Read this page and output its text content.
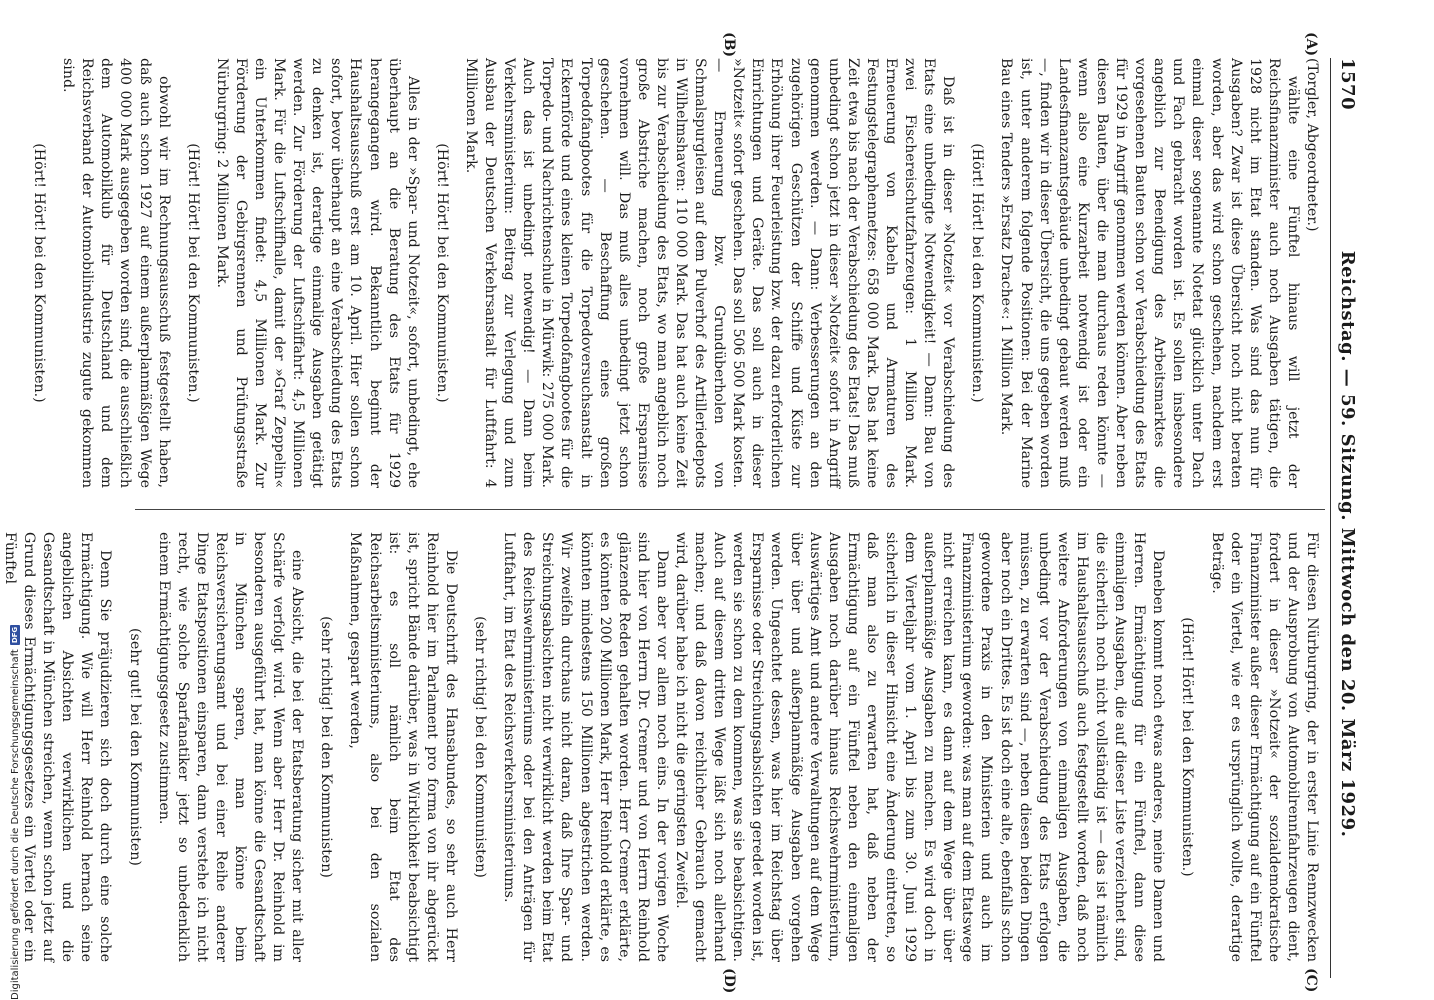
1570
Reichstag. — 59. Sitzung. Mittwoch den 20. März 1929.
(A)
(B)
(C)
(D)

(Torgler, Abgeordneter.)

wählte eine Fünftel hinaus will jetzt der Reichsfinanzminister auch noch Ausgaben tätigen, die 1928 nicht im Etat standen. Was sind das nun für Ausgaben? Zwar ist diese Übersicht noch nicht beraten worden, aber das wird schon geschehen, nachdem erst einmal dieser sogenannte Notetat glücklich unter Dach und Fach gebracht worden ist. Es sollen insbesondere angeblich zur Beendigung des Arbeitsmarktes die vorgesehenen Bauten schon vor Verabschiedung des Etats für 1929 in Angriff genommen werden können. Aber neben diesen Bauten, über die man durchaus reden könnte — wenn also eine Kurzarbeit notwendig ist oder ein Landesfinanzamtsgebäude unbedingt gebaut werden muß —, finden wir in dieser Übersicht, die uns gegeben worden ist, unter anderem folgende Positionen: Bei der Marine Bau eines Tenders »Ersatz Drache«: 1 Million Mark.

(Hört! Hört! bei den Kommunisten.)

Daß ist in dieser »Notzeit« vor Verabschiedung des Etats eine unbedingte Notwendigkeit! — Dann: Bau von zwei Fischereischutzfahrzeugen: 1 Million Mark. Erneuerung von Kabeln und Armaturen des Festungstelegraphennetzes: 658 000 Mark. Das hat keine Zeit etwa bis nach der Verabschiedung des Etats! Das muß unbedingt schon jetzt in dieser »Notzeit« sofort in Angriff genommen werden. — Dann: Verbesserungen an den zugehörigen Geschützen der Schiffe und Küste zur Erhöhung ihrer Feuerleistung bzw. der dazu erforderlichen Einrichtungen und Geräte. Das soll auch in dieser »Notzeit« sofort geschehen. Das soll 506 500 Mark kosten. — Erneuerung bzw. Grundüberholen von Schmalspurgleisen auf dem Pulverhof des Artilleriedepots in Wilhelmshaven: 110 000 Mark. Das hat auch keine Zeit bis zur Verabschiedung des Etats, wo man angeblich noch große Abstriche machen, noch große Ersparnisse vornehmen will. Das muß alles unbedingt jetzt schon geschehen. — Beschaffung eines großen Torpedofangbootes für die Torpedoversuchsanstalt in Eckernförde und eines kleinen Torpedofangbootes für die Torpedo- und Nachrichtenschule in Mürwik: 275 000 Mark. Auch das ist unbedingt notwendig! — Dann beim Verkehrsministerium: Beitrag zur Verlegung und zum Ausbau der Deutschen Verkehrsanstalt für Luftfahrt: 4 Millionen Mark.

(Hört! Hört! bei den Kommunisten.)

Alles in der »Spar- und Notzeit«, sofort, unbedingt, ehe überhaupt an die Beratung des Etats für 1929 herangegangen wird. Bekanntlich beginnt der Haushaltsausschuß erst am 10. April. Hier sollen schon sofort, bevor überhaupt an eine Verabschiedung des Etats zu denken ist, derartige einmalige Ausgaben getätigt werden. Zur Förderung der Luftschiffahrt: 4,5 Millionen Mark. Für die Luftschiffhalle, damit der »Graf Zeppelin« ein Unterkommen findet: 4,5 Millionen Mark. Zur Förderung der Gebirgsrennen und Prüfungsstraße Nürburgring: 2 Millionen Mark.

(Hört! Hört! bei den Kommunisten.)

obwohl wir im Rechnungsausschuß festgestellt haben, daß auch schon 1927 auf einem außerplanmäßigen Wege 400 000 Mark ausgegeben worden sind, die ausschließlich dem Automobilklub für Deutschland und dem Reichsverband der Automobilindustrie zugute gekommen sind.

(Hört! Hört! bei den Kommunisten.)

Für diesen Nürburgring, der in erster Linie Rennzwecken und der Ausprobung von Automobilrennfahrzeugen dient, fordert in dieser »Notzeit« der sozialdemokratische Finanzminister außer dieser Ermächtigung auf ein Fünftel oder ein Viertel, wie er es ursprünglich wollte, derartige Beträge.

(Hört! Hört! bei den Kommunisten.)

Daneben kommt noch etwas anderes, meine Damen und Herren. Ermächtigung für ein Fünftel, dann diese einmaligen Ausgaben, die auf dieser Liste verzeichnet sind, die sicherlich noch nicht vollständig ist — das ist nämlich im Haushaltsausschuß auch festgestellt worden, daß noch weitere Anforderungen von einmaligen Ausgaben, die unbedingt vor der Verabschiedung des Etats erfolgen müssen, zu erwarten sind —, neben diesen beiden Dingen aber noch ein Drittes. Es ist doch eine alte, ebenfalls schon gewordene Praxis in den Ministerien und auch im Finanzministerium geworden: was man auf dem Etatswege nicht erreichen kann, es dann auf dem Wege über über außerplanmäßige Ausgaben zu machen. Es wird doch in dem Vierteljahr vom 1. April bis zum 30. Juni 1929 sicherlich in dieser Hinsicht eine Änderung eintreten, so daß man also zu erwarten hat, daß neben der Ermächtigung auf ein Fünftel neben den einmaligen Ausgaben noch darüber hinaus Reichswehrministerium, Auswärtiges Amt und andere Verwaltungen auf dem Wege über über und außerplanmäßige Ausgaben vorgehen werden. Ungeachtet dessen, was hier im Reichstag über Ersparnisse oder Streichungsabsichten geredet worden ist, werden sie schon zu dem kommen, was sie beabsichtigen. Auch auf diesem dritten Wege läßt sich noch allerhand machen; und daß davon reichlicher Gebrauch gemacht wird, darüber habe ich nicht die geringsten Zweifel.

Dann aber vor allem noch eins. In der vorigen Woche sind hier von Herrn Dr. Cremer und von Herrn Reinhold glänzende Reden gehalten worden. Herr Cremer erklärte, es könnten 200 Millionen Mark, Herr Reinhold erklärte, es könnten mindestens 150 Millionen abgestrichen werden. Wir zweifeln durchaus nicht daran, daß Ihre Spar- und Streichungsabsichten nicht verwirklicht werden beim Etat des Reichswehrministeriums oder bei den Anträgen für Luftfahrt, im Etat des Reichsverkehrsministeriums.

(sehr richtig! bei den Kommunisten)

Die Deutschrift des Hansabundes, so sehr auch Herr Reinhold hier im Parlament pro forma von ihr abgerückt ist, spricht Bände darüber, was in Wirklichkeit beabsichtigt ist: es soll nämlich beim Etat des Reichsarbeitsministeriums, also bei den sozialen Maßnahmen, gespart werden,

(sehr richtig! bei den Kommunisten)

eine Absicht, die bei der Etatsberatung sicher mit aller Schärfe verfolgt wird. Wenn aber Herr Dr. Reinhold im besonderen ausgeführt hat, man könne die Gesandtschaft in München sparen, man könne beim Reichsversicherungsamt und bei einer Reihe anderer Dinge Etatspositionen einsparen, dann verstehe ich nicht recht, wie solche Sparfanatiker jetzt so unbedenklich einem Ermächtigungsgesetz zustimmen.

(sehr gut! bei den Kommunisten)

Denn Sie präjudizieren sich doch durch eine solche Ermächtigung. Wie will Herr Reinhold hernach seine angeblichen Absichten verwirklichen und die Gesandtschaft in München streichen, wenn schon jetzt auf Grund dieses Ermächtigungsgesetzes ein Viertel oder ein Fünftel

Digitalisierung gefördert durch die Deutsche Forschungsgemeinschaft
DFG
